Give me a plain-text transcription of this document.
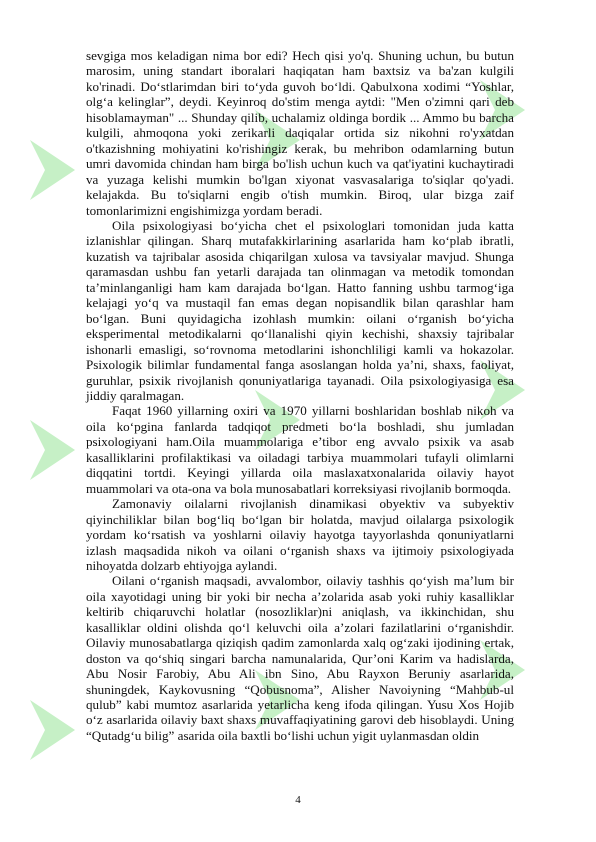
sevgiga mos keladigan nima bor edi? Hech qisi yo'q. Shuning uchun, bu butun marosim, uning standart iboralari haqiqatan ham baxtsiz va ba'zan kulgili ko'rinadi. Do‘stlarimdan biri to‘yda guvoh bo‘ldi. Qabulxona xodimi “Yoshlar, olg‘a kelinglar”, deydi. Keyinroq do'stim menga aytdi: "Men o'zimni qari deb hisoblamayman" ... Shunday qilib, uchalamiz oldinga bordik ... Ammo bu barcha kulgili, ahmoqona yoki zerikarli daqiqalar ortida siz nikohni ro'yxatdan o'tkazishning mohiyatini ko'rishingiz kerak, bu mehribon odamlarning butun umri davomida chindan ham birga bo'lish uchun kuch va qat'iyatini kuchaytiradi va yuzaga kelishi mumkin bo'lgan xiyonat vasvasalariga to'siqlar qo'yadi. kelajakda. Bu to'siqlarni engib o'tish mumkin. Biroq, ular bizga zaif tomonlarimizni engishimizga yordam beradi.

Oila psixologiyasi bo‘yicha chet el psixologlari tomonidan juda katta izlanishlar qilingan. Sharq mutafakkirlarining asarlarida ham ko‘plab ibratli, kuzatish va tajribalar asosida chiqarilgan xulosa va tavsiyalar mavjud. Shunga qaramasdan ushbu fan yetarli darajada tan olinmagan va metodik tomondan ta’minlanganligi ham kam darajada bo‘lgan. Hatto fanning ushbu tarmog‘iga kelajagi yo‘q va mustaqil fan emas degan nopisandlik bilan qarashlar ham bo‘lgan. Buni quyidagicha izohlash mumkin: oilani o‘rganish bo‘yicha eksperimental metodikalarni qo‘llanalishi qiyin kechishi, shaxsiy tajribalar ishonarli emasligi, so‘rovnoma metodlarini ishonchliligi kamli va hokazolar. Psixologik bilimlar fundamental fanga asoslangan holda ya’ni, shaxs, faoliyat, guruhlar, psixik rivojlanish qonuniyatlariga tayanadi. Oila psixologiyasiga esa jiddiy qaralmagan.

Faqat 1960 yillarning oxiri va 1970 yillarni boshlaridan boshlab nikoh va oila ko‘pgina fanlarda tadqiqot predmeti bo‘la boshladi, shu jumladan psixologiyani ham.Oila muammolariga e’tibor eng avvalo psixik va asab kasalliklarini profilaktikasi va oiladagi tarbiya muammolari tufayli olimlarni diqqatini tortdi. Keyingi yillarda oila maslaxatxonalarida oilaviy hayot muammolari va ota-ona va bola munosabatlari korreksiyasi rivojlanib bormoqda.

Zamonaviy oilalarni rivojlanish dinamikasi obyektiv va subyektiv qiyinchiliklar bilan bog‘liq bo‘lgan bir holatda, mavjud oilalarga psixologik yordam ko‘rsatish va yoshlarni oilaviy hayotga tayyorlashda qonuniyatlarni izlash maqsadida nikoh va oilani o‘rganish shaxs va ijtimoiy psixologiyada nihoyatda dolzarb ehtiyojga aylandi.

Oilani o‘rganish maqsadi, avvalombor, oilaviy tashhis qo‘yish ma’lum bir oila xayotidagi uning bir yoki bir necha a’zolarida asab yoki ruhiy kasalliklar keltirib chiqaruvchi holatlar (nosozliklar)ni aniqlash, va ikkinchidan, shu kasalliklar oldini olishda qo‘l keluvchi oila a’zolari fazilatlarini o‘rganishdir. Oilaviy munosabatlarga qiziqish qadim zamonlarda xalq og‘zaki ijodining ertak, doston va qo‘shiq singari barcha namunalarida, Qur’oni Karim va hadislarda, Abu Nosir Farobiy, Abu Ali ibn Sino, Abu Rayxon Beruniy asarlarida, shuningdek, Kaykovusning “Qobusnoma”, Alisher Navoiyning “Mahbub-ul qulub” kabi mumtoz asarlarida yetarlicha keng ifoda qilingan. Yusu Xos Hojib o‘z asarlarida oilaviy baxt shaxs muvaffaqiyatining garovi deb hisoblaydi. Uning “Qutadg‘u bilig” asarida oila baxtli bo‘lishi uchun yigit uylanmasdan oldin

4
